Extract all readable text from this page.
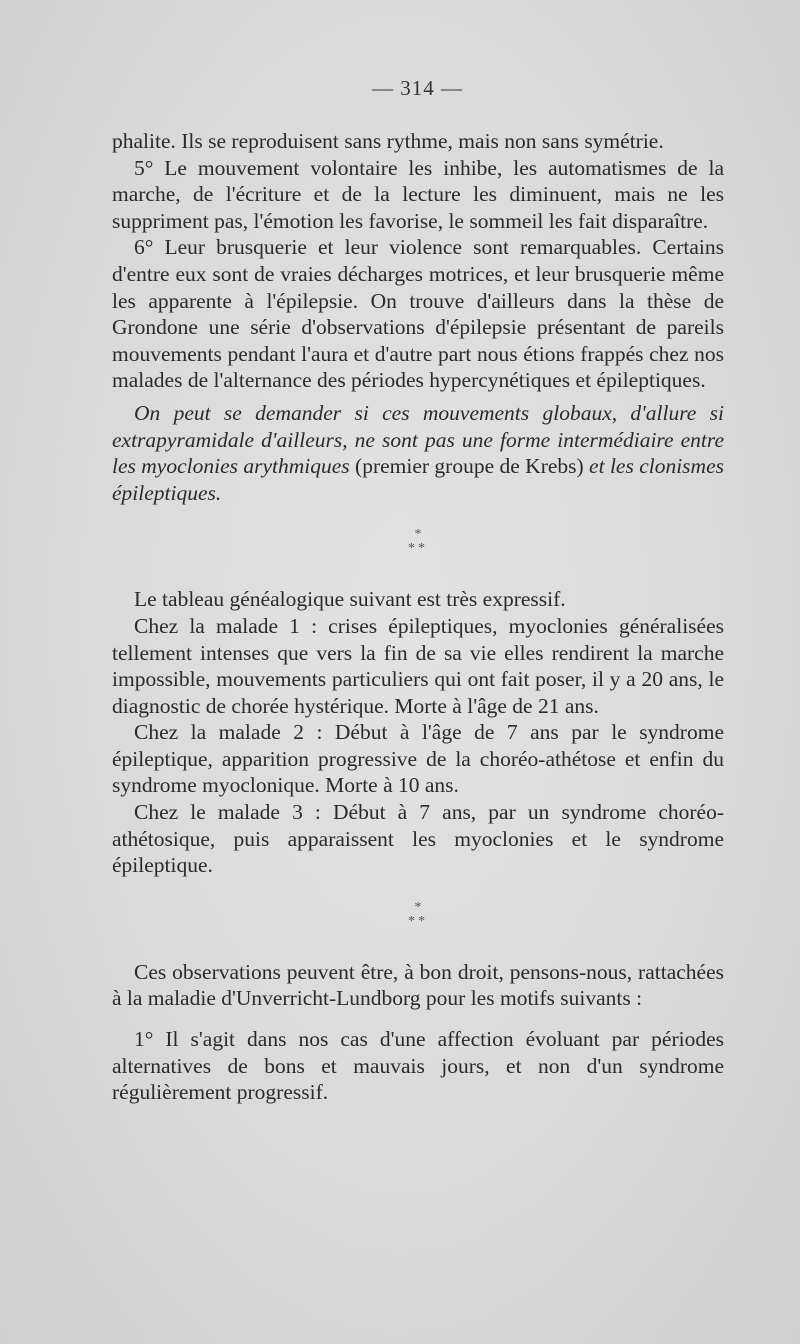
— 314 —

phalite. Ils se reproduisent sans rythme, mais non sans symétrie.

5° Le mouvement volontaire les inhibe, les automatismes de la marche, de l'écriture et de la lecture les diminuent, mais ne les suppriment pas, l'émotion les favorise, le sommeil les fait disparaître.

6° Leur brusquerie et leur violence sont remarquables. Certains d'entre eux sont de vraies décharges motrices, et leur brusquerie même les apparente à l'épilepsie. On trouve d'ailleurs dans la thèse de Grondone une série d'observations d'épilepsie présentant de pareils mouvements pendant l'aura et d'autre part nous étions frappés chez nos malades de l'alternance des périodes hypercynétiques et épileptiques.

On peut se demander si ces mouvements globaux, d'allure si extrapyramidale d'ailleurs, ne sont pas une forme intermédiaire entre les myoclonies arythmiques (premier groupe de Krebs) et les clonismes épileptiques.

*
**

Le tableau généalogique suivant est très expressif.

Chez la malade 1 : crises épileptiques, myoclonies généralisées tellement intenses que vers la fin de sa vie elles rendirent la marche impossible, mouvements particuliers qui ont fait poser, il y a 20 ans, le diagnostic de chorée hystérique. Morte à l'âge de 21 ans.

Chez la malade 2 : Début à l'âge de 7 ans par le syndrome épileptique, apparition progressive de la choréo-athétose et enfin du syndrome myoclonique. Morte à 10 ans.

Chez le malade 3 : Début à 7 ans, par un syndrome choréo-athétosique, puis apparaissent les myoclonies et le syndrome épileptique.

*
**

Ces observations peuvent être, à bon droit, pensons-nous, rattachées à la maladie d'Unverricht-Lundborg pour les motifs suivants :

1° Il s'agit dans nos cas d'une affection évoluant par périodes alternatives de bons et mauvais jours, et non d'un syndrome régulièrement progressif.
